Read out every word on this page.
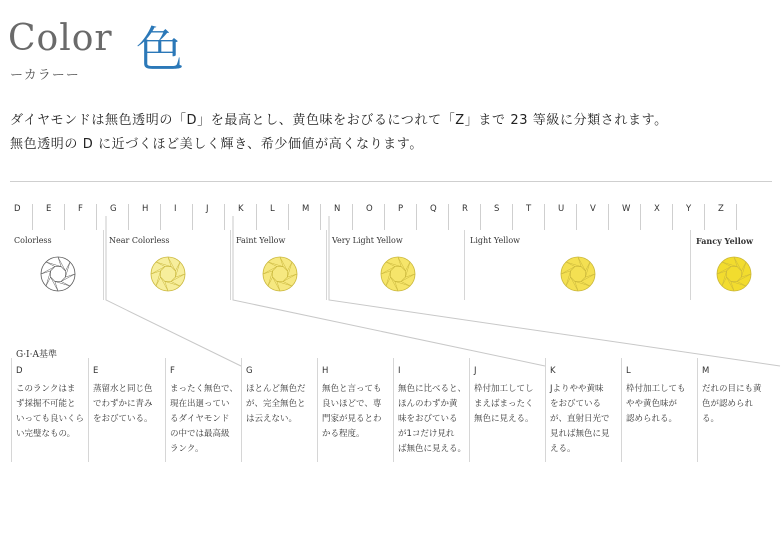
Color
ーカラーー 色
ダイヤモンドは無色透明の「D」を最高とし、黄色味をおびるにつれて「Z」まで 23 等級に分類されます。
無色透明の D に近づくほど美しく輝き、希少価値が高くなります。
D	E	F	G	H	I	J	K	L	M	N	O	P	Q	R	S	T	U	V	W	X	Y	Z
Colorless	Near Colorless	Faint Yellow	Very Light Yellow	Light Yellow	Fancy Yellow
G·I·A基準
D
このランクはま
ず採掘不可能と
いっても良いくら
い完璧なもの。
E
蒸留水と同じ色
でわずかに青み
をおびている。
F
まったく無色で、
現在出廻ってい
るダイヤモンド
の中では最高級
ランク。
G
ほとんど無色だ
が、完全無色と
は云えない。
H
無色と言っても
良いほどで、専
門家が見るとわ
かる程度。
I
無色に比べると、
ほんのわずか黄
味をおびている
が1コだけ見れ
ば無色に見える。
J
枠付加工してし
まえばまったく
無色に見える。
K
Jよりやや黄味
をおびている
が、直射日光で
見れば無色に見
える。
L
枠付加工しても
やや黄色味が
認められる。
M
だれの目にも黄
色が認められ
る。
